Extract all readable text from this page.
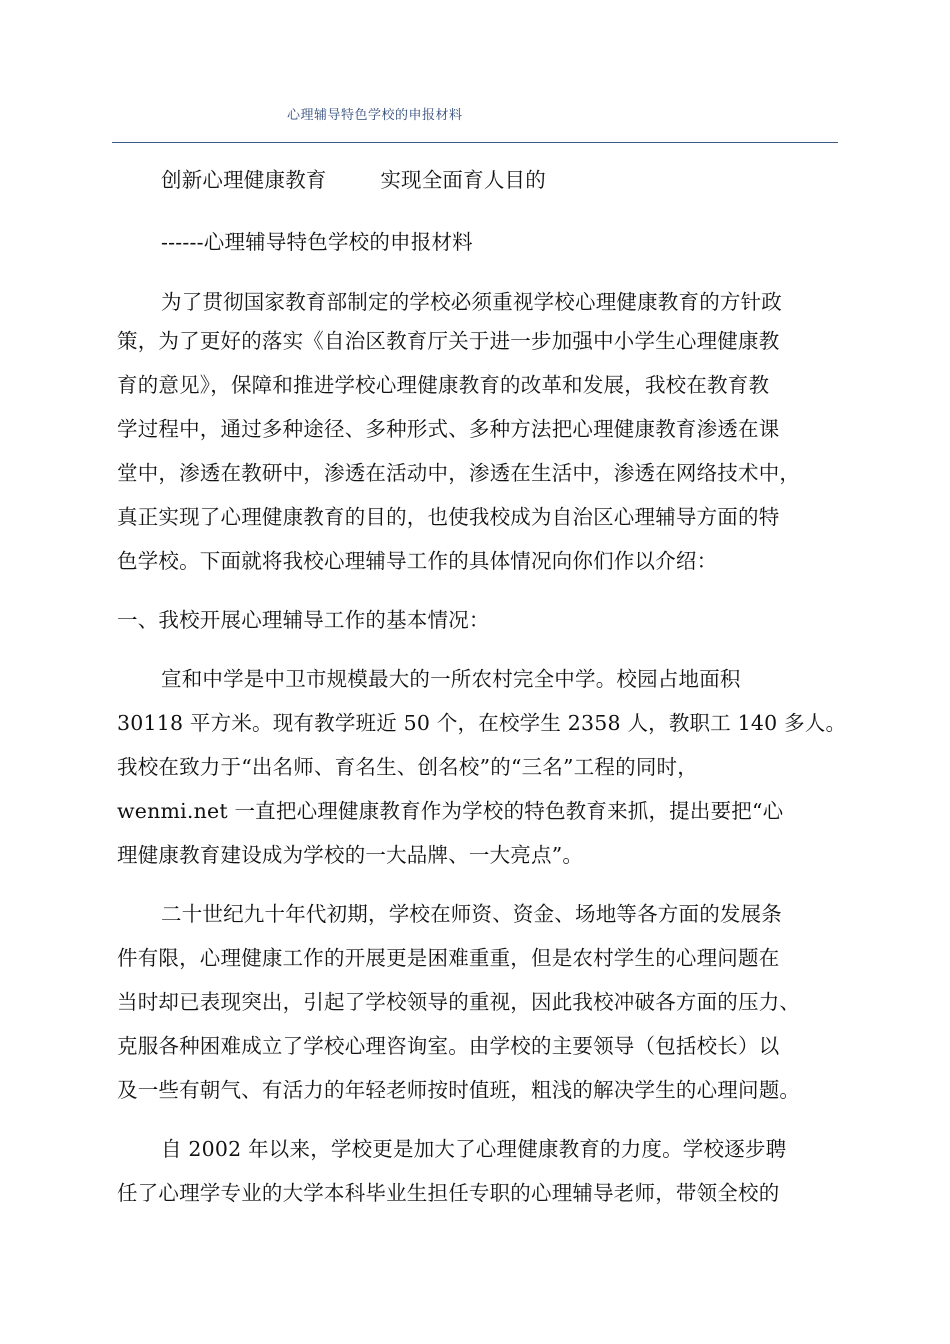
心理辅导特色学校的申报材料
创新心理健康教育        实现全面育人目的
------心理辅导特色学校的申报材料
为了贯彻国家教育部制定的学校必须重视学校心理健康教育的方针政
策，为了更好的落实《自治区教育厅关于进一步加强中小学生心理健康教
育的意见》，保障和推进学校心理健康教育的改革和发展，我校在教育教
学过程中，通过多种途径、多种形式、多种方法把心理健康教育渗透在课
堂中，渗透在教研中，渗透在活动中，渗透在生活中，渗透在网络技术中，
真正实现了心理健康教育的目的，也使我校成为自治区心理辅导方面的特
色学校。下面就将我校心理辅导工作的具体情况向你们作以介绍：
一、我校开展心理辅导工作的基本情况：
宣和中学是中卫市规模最大的一所农村完全中学。校园占地面积
30118 平方米。现有教学班近 50 个，在校学生 2358 人，教职工 140 多人。
我校在致力于“出名师、育名生、创名校”的“三名”工程的同时，
wenmi.net 一直把心理健康教育作为学校的特色教育来抓，提出要把“心
理健康教育建设成为学校的一大品牌、一大亮点”。
二十世纪九十年代初期，学校在师资、资金、场地等各方面的发展条
件有限，心理健康工作的开展更是困难重重，但是农村学生的心理问题在
当时却已表现突出，引起了学校领导的重视，因此我校冲破各方面的压力、
克服各种困难成立了学校心理咨询室。由学校的主要领导（包括校长）以
及一些有朝气、有活力的年轻老师按时值班，粗浅的解决学生的心理问题。
自 2002 年以来，学校更是加大了心理健康教育的力度。学校逐步聘
任了心理学专业的大学本科毕业生担任专职的心理辅导老师，带领全校的
